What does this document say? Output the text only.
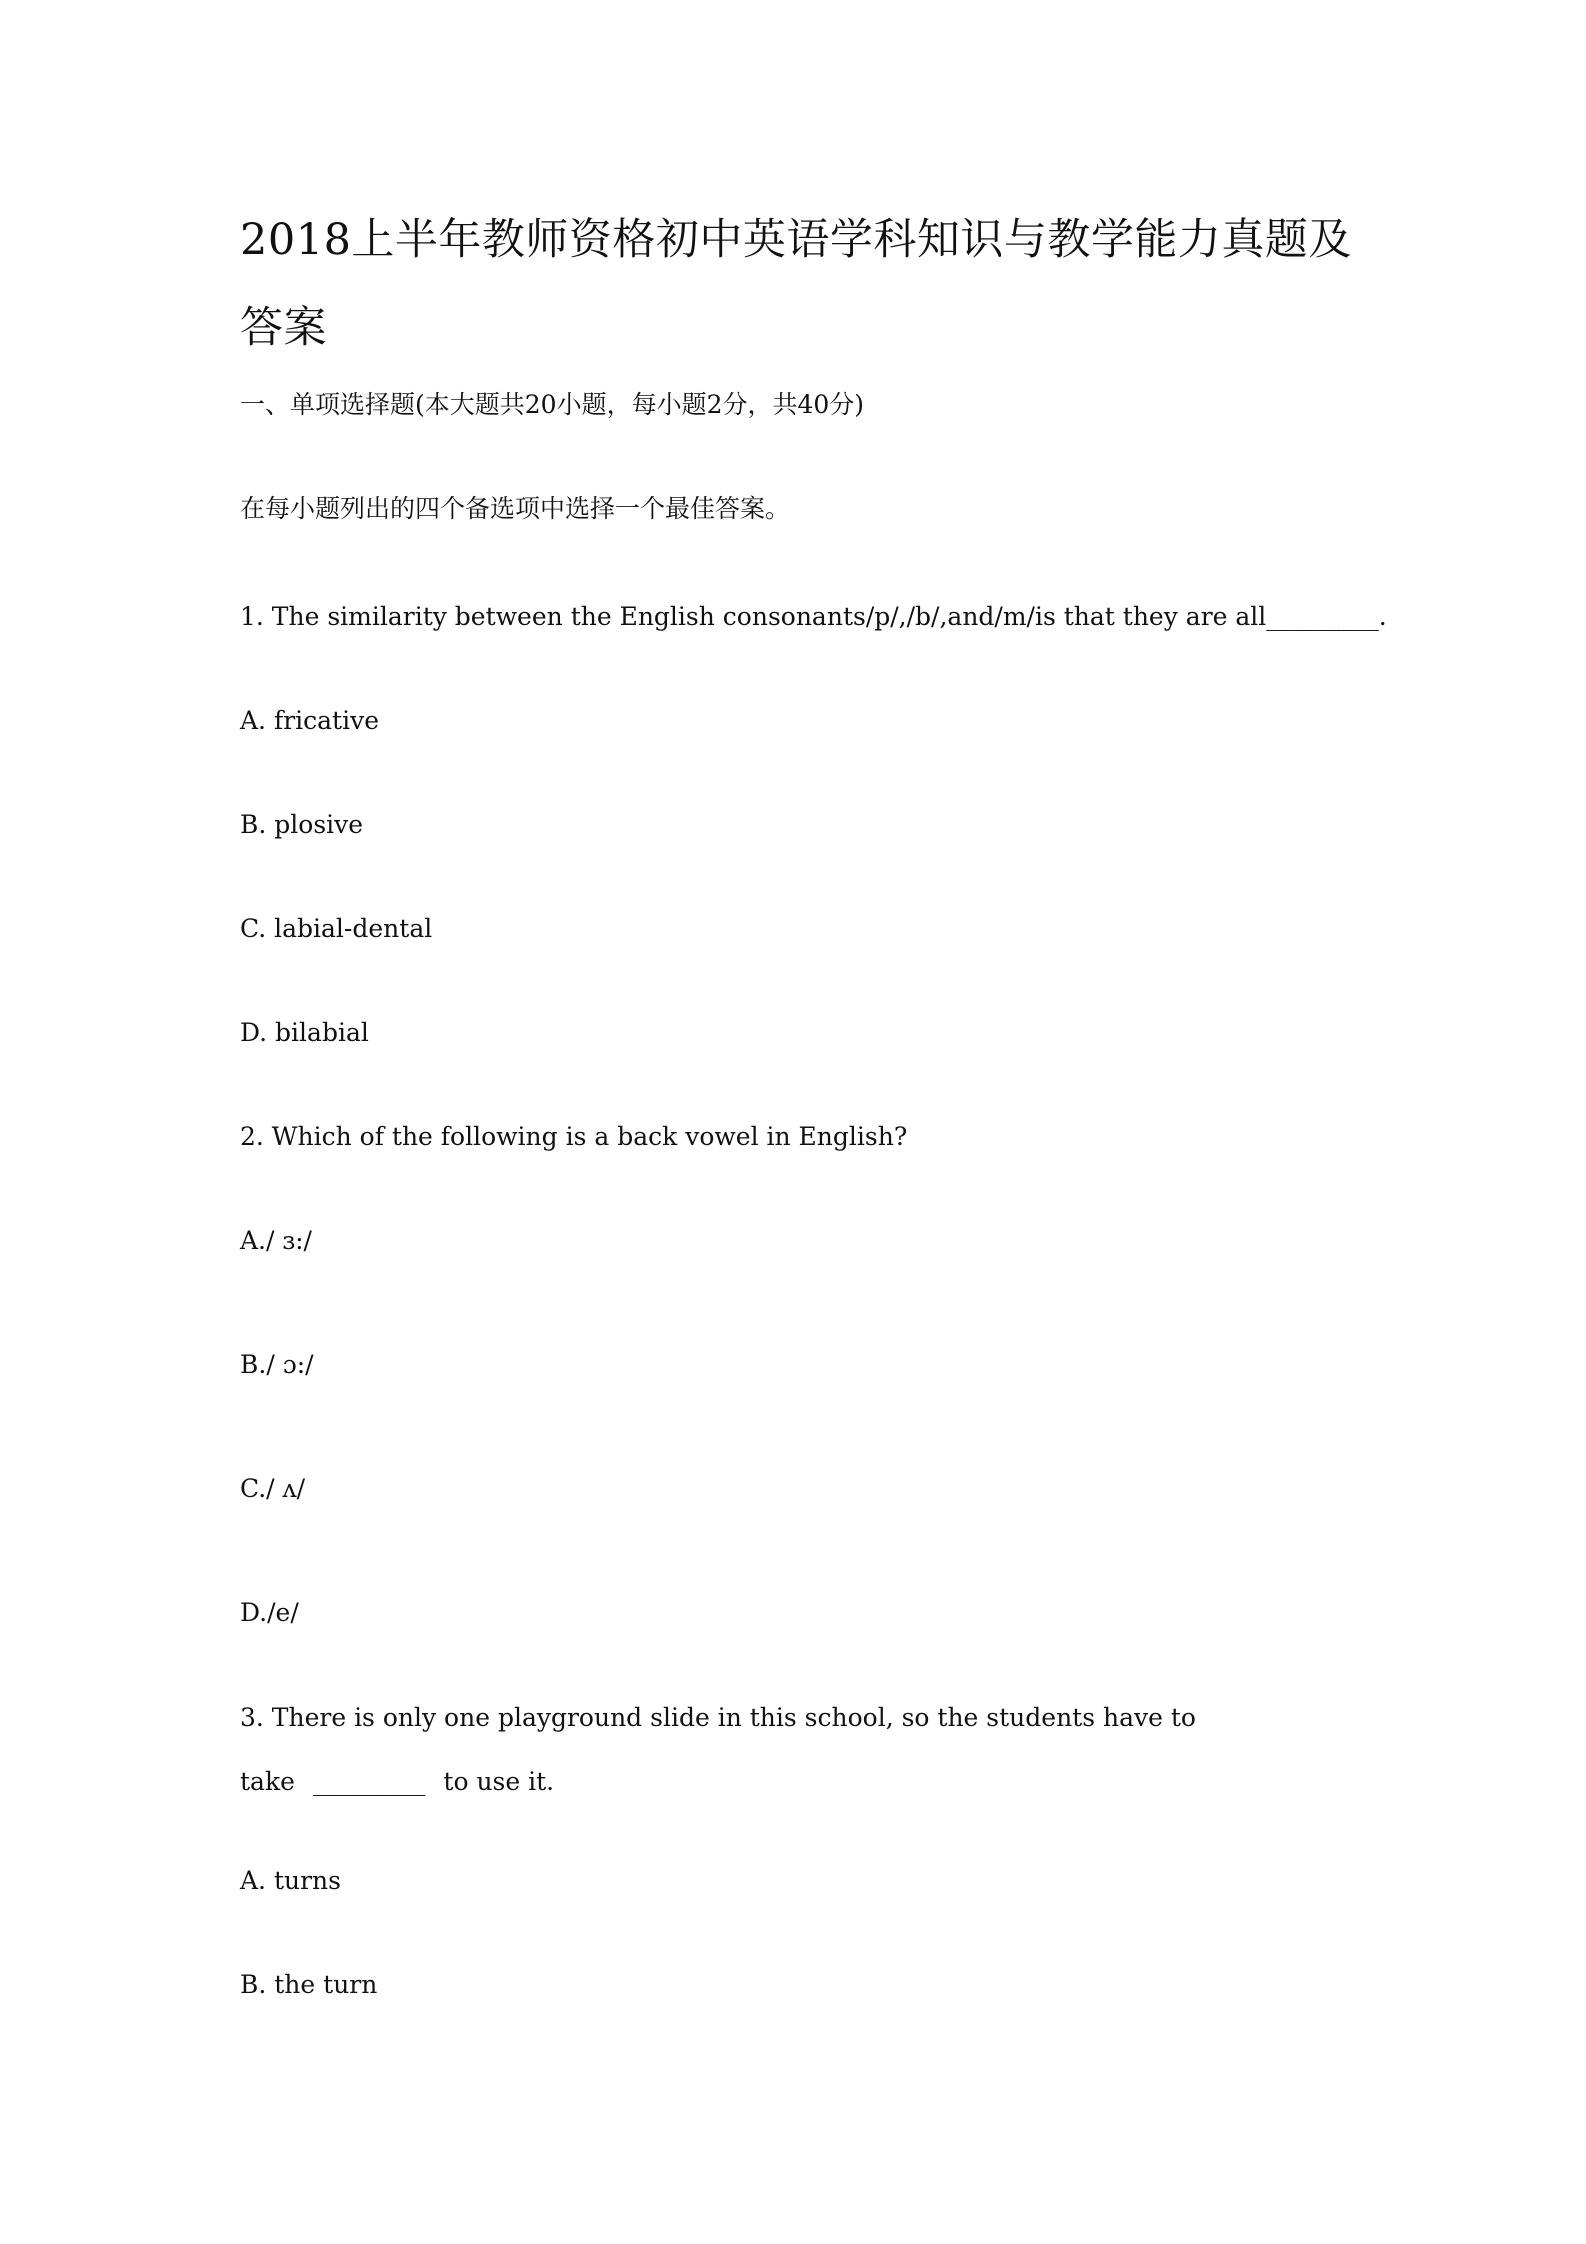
2018上半年教师资格初中英语学科知识与教学能力真题及答案

一、单项选择题(本大题共20小题，每小题2分，共40分)

在每小题列出的四个备选项中选择一个最佳答案。

1. The similarity between the English consonants/p/,/b/,and/m/is that they are all_________.

A. fricative

B. plosive

C. labial-dental

D. bilabial

2. Which of the following is a back vowel in English?

A./ ɜ:/

B./ ɔ:/

C./ ʌ/

D./e/

3. There is only one playground slide in this school, so the students have to take _________ to use it.

A. turns

B. the turn
